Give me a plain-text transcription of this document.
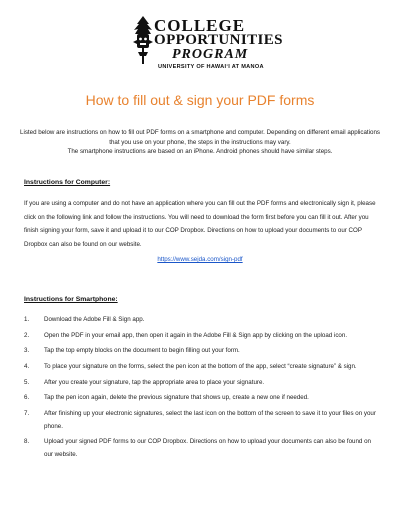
COLLEGE
OPPORTUNITIES
PROGRAM
UNIVERSITY OF HAWAIʻI AT MANOA
How to fill out & sign your PDF forms

Listed below are instructions on how to fill out PDF forms on a smartphone and computer. Depending on different email applications that you use on your phone, the steps in the instructions may vary.

The smartphone instructions are based on an iPhone. Android phones should have similar steps.

Instructions for Computer:
If you are using a computer and do not have an application where you can fill out the PDF forms and electronically sign it, please click on the following link and follow the instructions. You will need to download the form first before you can fill it out. After you finish signing your form, save it and upload it to our COP Dropbox. Directions on how to upload your documents to our COP Dropbox can also be found on our website.
https://www.sejda.com/sign-pdf
Instructions for Smartphone:
1. Download the Adobe Fill & Sign app.
2. Open the PDF in your email app, then open it again in the Adobe Fill & Sign app by clicking on the upload icon.
3. Tap the top empty blocks on the document to begin filling out your form.
4. To place your signature on the forms, select the pen icon at the bottom of the app, select “create signature” & sign.
5. After you create your signature, tap the appropriate area to place your signature.
6. Tap the pen icon again, delete the previous signature that shows up, create a new one if needed.
7. After finishing up your electronic signatures, select the last icon on the bottom of the screen to save it to your files on your phone.
8. Upload your signed PDF forms to our COP Dropbox. Directions on how to upload your documents can also be found on our website.
